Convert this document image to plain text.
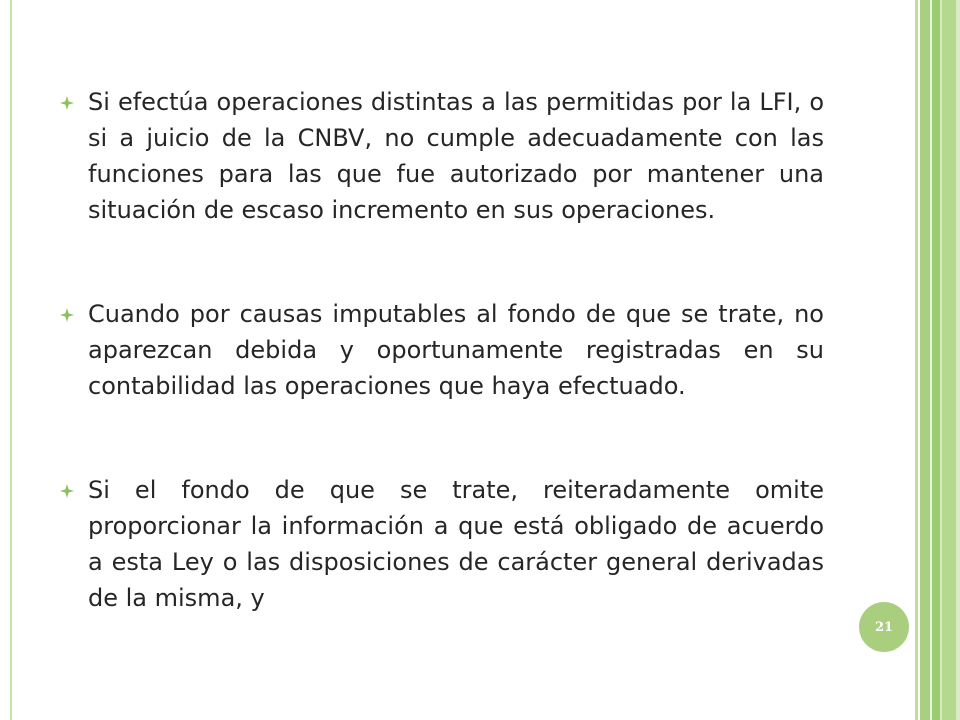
Si efectúa operaciones distintas a las permitidas por la LFI, o si a juicio de la CNBV, no cumple adecuadamente con las funciones para las que fue autorizado por mantener una situación de escaso incremento en sus operaciones.
Cuando por causas imputables al fondo de que se trate, no aparezcan debida y oportunamente registradas en su contabilidad las operaciones que haya efectuado.
Si el fondo de que se trate, reiteradamente omite proporcionar la información a que está obligado de acuerdo a esta Ley o las disposiciones de carácter general derivadas de la misma, y
21
